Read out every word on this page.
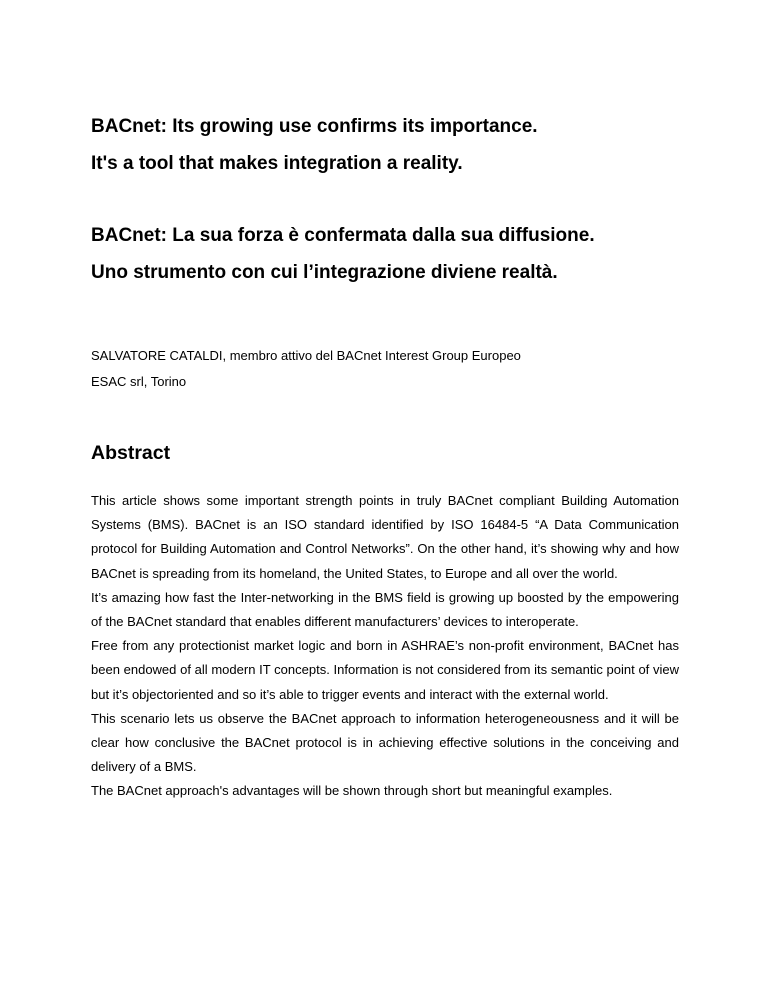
BACnet: Its growing use confirms its importance.
It's a tool that makes integration a reality.
BACnet: La sua forza è confermata dalla sua diffusione.
Uno strumento con cui l’integrazione diviene realtà.
SALVATORE CATALDI, membro attivo del BACnet Interest Group Europeo
ESAC srl, Torino
Abstract

This article shows some important strength points in truly BACnet compliant Building Automation Systems (BMS). BACnet is an ISO standard identified by ISO 16484-5 “A Data Communication protocol for Building Automation and Control Networks”. On the other hand, it’s showing why and how BACnet is spreading from its homeland, the United States, to Europe and all over the world.

It’s amazing how fast the Inter-networking in the BMS field is growing up boosted by the empowering of the BACnet standard that enables different manufacturers’ devices to interoperate.

Free from any protectionist market logic and born in ASHRAE’s non-profit environment, BACnet has been endowed of all modern IT concepts. Information is not considered from its semantic point of view but it’s objectoriented and so it’s able to trigger events and interact with the external world.

This scenario lets us observe the BACnet approach to information heterogeneousness and it will be clear how conclusive the BACnet protocol is in achieving effective solutions in the conceiving and delivery of a BMS.

The BACnet approach's advantages will be shown through short but meaningful examples.
